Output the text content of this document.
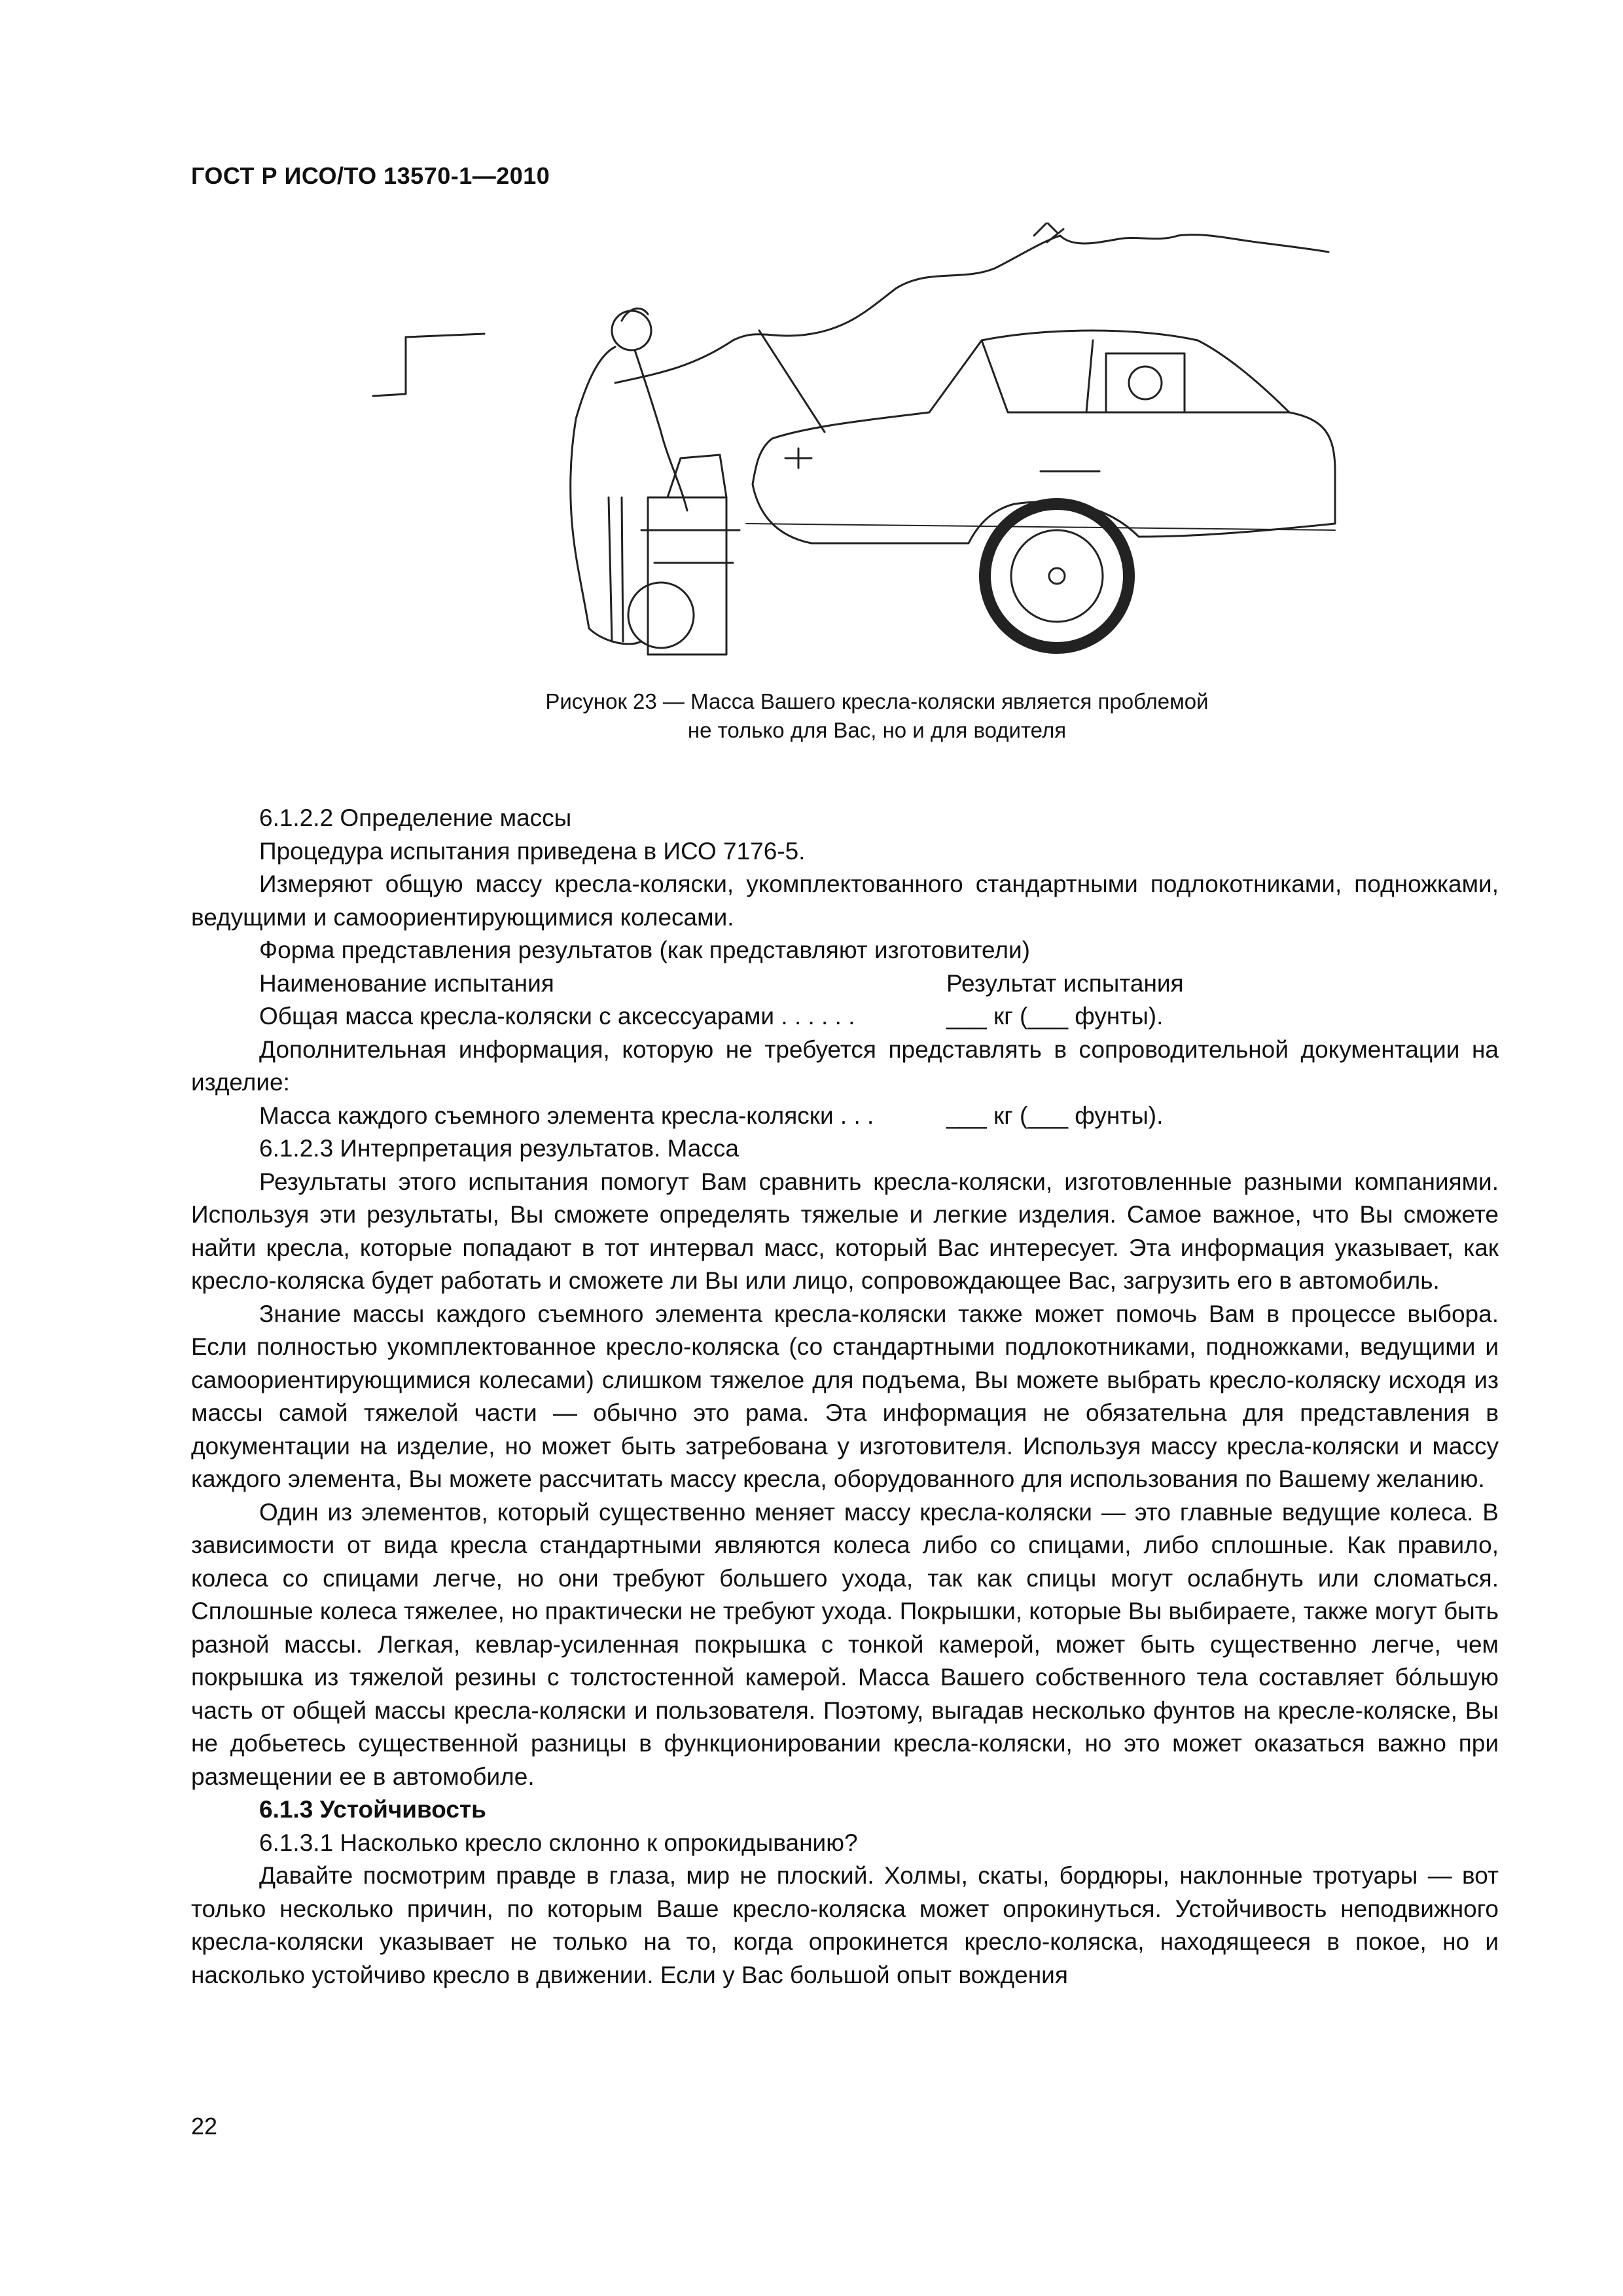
ГОСТ Р ИСО/ТО 13570-1—2010
Рисунок 23 — Масса Вашего кресла-коляски является проблемой
не только для Вас, но и для водителя

6.1.2.2 Определение массы

Процедура испытания приведена в ИСО 7176-5.

Измеряют общую массу кресла-коляски, укомплектованного стандартными подлокотниками, подножками, ведущими и самоориентирующимися колесами.

Форма представления результатов (как представляют изготовители)

Наименование испытания	Результат испытания
Общая масса кресла-коляски с аксессуарами . . . . . .	___ кг (___ фунты).

Дополнительная информация, которую не требуется представлять в сопроводительной документации на изделие:

Масса каждого съемного элемента кресла-коляски . . .	___ кг (___ фунты).

6.1.2.3 Интерпретация результатов. Масса

Результаты этого испытания помогут Вам сравнить кресла-коляски, изготовленные разными компаниями. Используя эти результаты, Вы сможете определять тяжелые и легкие изделия. Самое важное, что Вы сможете найти кресла, которые попадают в тот интервал масс, который Вас интересует. Эта информация указывает, как кресло-коляска будет работать и сможете ли Вы или лицо, сопровождающее Вас, загрузить его в автомобиль.

Знание массы каждого съемного элемента кресла-коляски также может помочь Вам в процессе выбора. Если полностью укомплектованное кресло-коляска (со стандартными подлокотниками, подножками, ведущими и самоориентирующимися колесами) слишком тяжелое для подъема, Вы можете выбрать кресло-коляску исходя из массы самой тяжелой части — обычно это рама. Эта информация не обязательна для представления в документации на изделие, но может быть затребована у изготовителя. Используя массу кресла-коляски и массу каждого элемента, Вы можете рассчитать массу кресла, оборудованного для использования по Вашему желанию.

Один из элементов, который существенно меняет массу кресла-коляски — это главные ведущие колеса. В зависимости от вида кресла стандартными являются колеса либо со спицами, либо сплошные. Как правило, колеса со спицами легче, но они требуют большего ухода, так как спицы могут ослабнуть или сломаться. Сплошные колеса тяжелее, но практически не требуют ухода. Покрышки, которые Вы выбираете, также могут быть разной массы. Легкая, кевлар-усиленная покрышка с тонкой камерой, может быть существенно легче, чем покрышка из тяжелой резины с толстостенной камерой. Масса Вашего собственного тела составляет бо́льшую часть от общей массы кресла-коляски и пользователя. Поэтому, выгадав несколько фунтов на кресле-коляске, Вы не добьетесь существенной разницы в функционировании кресла-коляски, но это может оказаться важно при размещении ее в автомобиле.

6.1.3 Устойчивость

6.1.3.1 Насколько кресло склонно к опрокидыванию?

Давайте посмотрим правде в глаза, мир не плоский. Холмы, скаты, бордюры, наклонные тротуары — вот только несколько причин, по которым Ваше кресло-коляска может опрокинуться. Устойчивость неподвижного кресла-коляски указывает не только на то, когда опрокинется кресло-коляска, находящееся в покое, но и насколько устойчиво кресло в движении. Если у Вас большой опыт вождения

22
